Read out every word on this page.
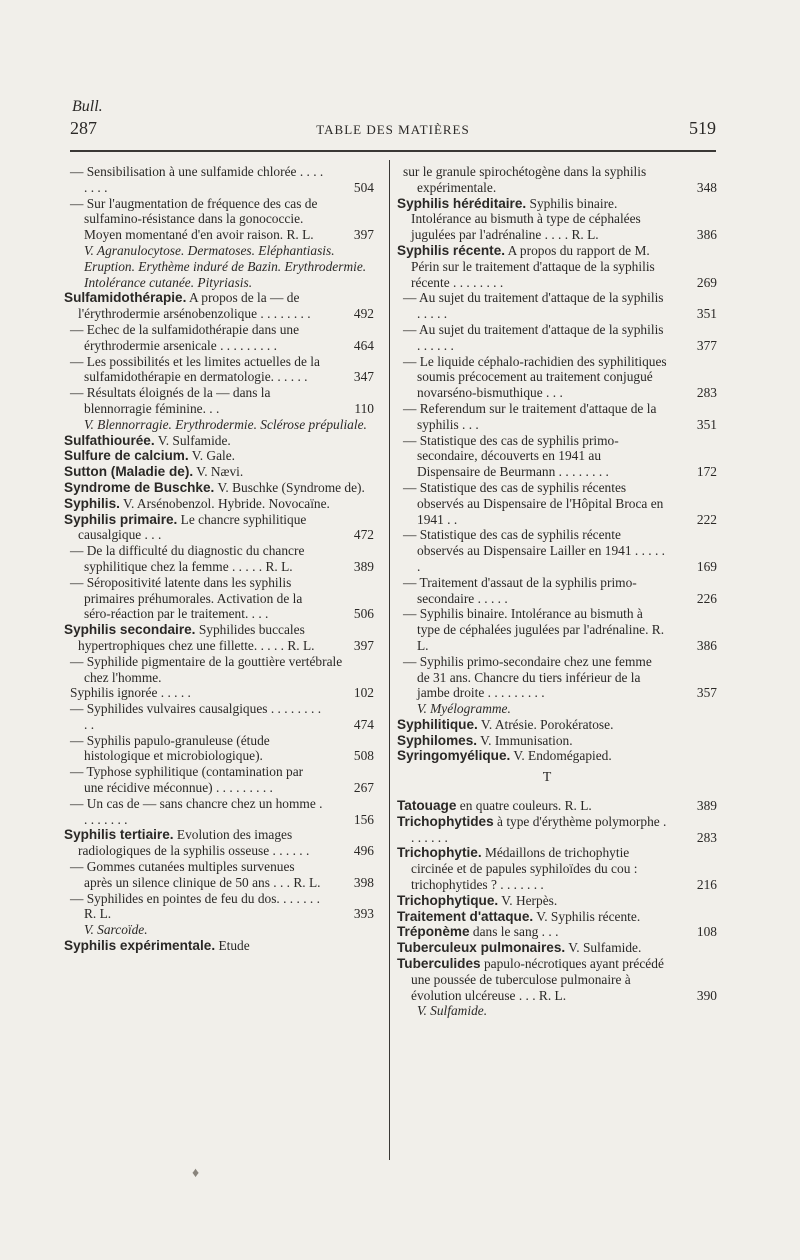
Bull.
287	TABLE DES MATIÈRES	519
— Sensibilisation à une sulfamide chlorée . . . . . . . .	504
— Sur l'augmentation de fréquence des cas de sulfamino-résistance dans la gonococcie. Moyen momentané d'en avoir raison. R. L.	397
V. Agranulocytose. Dermatoses. Eléphantiasis. Eruption. Erythème induré de Bazin. Erythrodermie. Intolérance cutanée. Pityriasis.
Sulfamidothérapie. A propos de la — de l'érythrodermie arsénobenzolique . . . . . . . .	492
— Echec de la sulfamidothérapie dans une érythrodermie arsenicale . . . . . . . . .	464
— Les possibilités et les limites actuelles de la sulfamidothérapie en dermatologie. . . . . .	347
— Résultats éloignés de la — dans la blennorragie féminine. . .	110
V. Blennorragie. Erythrodermie. Sclérose prépuliale.
Sulfathiourée. V. Sulfamide.
Sulfure de calcium. V. Gale.
Sutton (Maladie de). V. Nævi.
Syndrome de Buschke. V. Buschke (Syndrome de).
Syphilis. V. Arsénobenzol. Hybride. Novocaïne.
Syphilis primaire. Le chancre syphilitique causalgique . . .	472
— De la difficulté du diagnostic du chancre syphilitique chez la femme . . . . . R. L.	389
— Séropositivité latente dans les syphilis primaires préhumorales. Activation de la séro-réaction par le traitement. . . .	506
Syphilis secondaire. Syphilides buccales hypertrophiques chez une fillette. . . . . R. L.	397
— Syphilide pigmentaire de la gouttière vertébrale chez l'homme.
Syphilis ignorée . . . . .	102
— Syphilides vulvaires causalgiques . . . . . . . . . .	474
— Syphilis papulo-granuleuse (étude histologique et microbiologique).	508
— Typhose syphilitique (contamination par une récidive méconnue) . . . . . . . . .	267
— Un cas de — sans chancre chez un homme . . . . . . . .	156
Syphilis tertiaire. Evolution des images radiologiques de la syphilis osseuse . . . . . .	496
— Gommes cutanées multiples survenues après un silence clinique de 50 ans . . . R. L. 398
— Syphilides en pointes de feu du dos. . . . . . . R. L.	393
V. Sarcoïde.
Syphilis expérimentale. Etude
sur le granule spirochétogène dans la syphilis expérimentale.	348
Syphilis héréditaire. Syphilis binaire. Intolérance au bismuth à type de céphalées jugulées par l'adrénaline . . . . R. L.	386
Syphilis récente. A propos du rapport de M. Périn sur le traitement d'attaque de la syphilis récente . . . . . . . .	269
— Au sujet du traitement d'attaque de la syphilis . . . . .	351
— Au sujet du traitement d'attaque de la syphilis . . . . . .	377
— Le liquide céphalo-rachidien des syphilitiques soumis précocement au traitement conjugué novarséno-bismuthique . . .	283
— Referendum sur le traitement d'attaque de la syphilis . . .	351
— Statistique des cas de syphilis primo-secondaire, découverts en 1941 au Dispensaire de Beurmann . . . . . . . .	172
— Statistique des cas de syphilis récentes observés au Dispensaire de l'Hôpital Broca en 1941 . .	222
— Statistique des cas de syphilis récente observés au Dispensaire Lailler en 1941 . . . . . .	169
— Traitement d'assaut de la syphilis primo-secondaire . . . . .	226
— Syphilis binaire. Intolérance au bismuth à type de céphalées jugulées par l'adrénaline. R. L.	386
— Syphilis primo-secondaire chez une femme de 31 ans. Chancre du tiers inférieur de la jambe droite . . . . . . . . .	357
V. Myélogramme.
Syphilitique. V. Atrésie. Porokératose.
Syphilomes. V. Immunisation.
Syringomyélique. V. Endomégapied.
T
Tatouage en quatre couleurs. R. L.	389
Trichophytides à type d'érythème polymorphe . . . . . . .	283
Trichophytie. Médaillons de trichophytie circinée et de papules syphiloïdes du cou : trichophytides ? . . . . . . .	216
Trichophytique. V. Herpès.
Traitement d'attaque. V. Syphilis récente.
Tréponème dans le sang . . .	108
Tuberculeux pulmonaires. V. Sulfamide.
Tuberculides papulo-nécrotiques ayant précédé une poussée de tuberculose pulmonaire à évolution ulcéreuse . . . R. L.	390
V. Sulfamide.
♦
